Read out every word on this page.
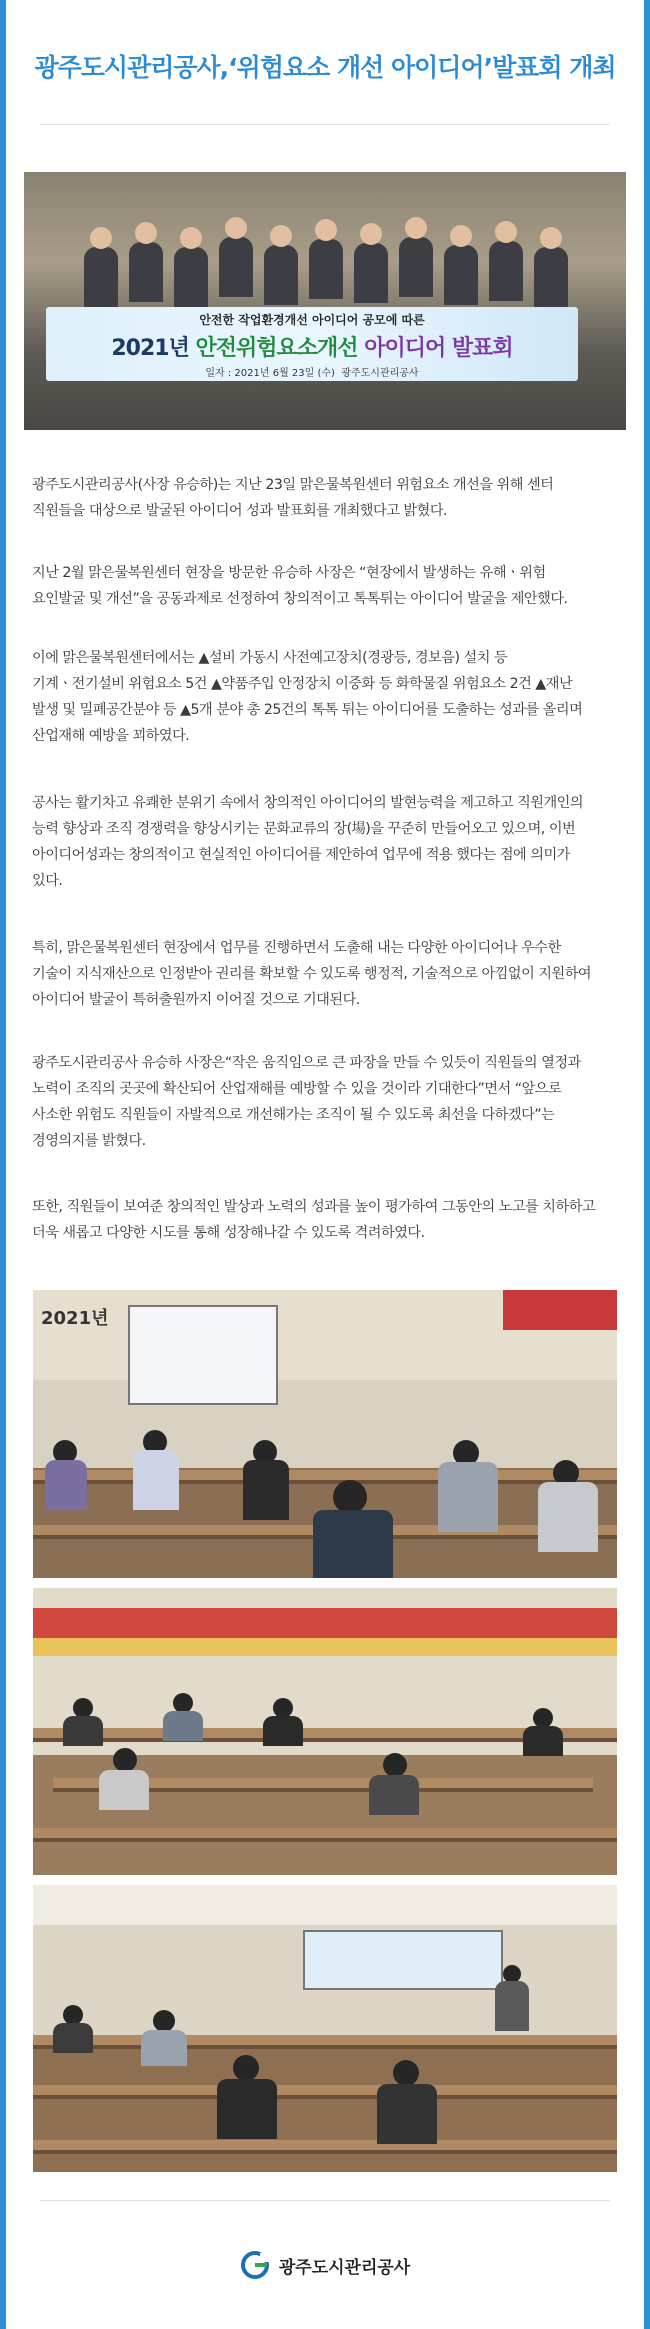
광주도시관리공사,‘위험요소 개선 아이디어’발표회 개최
안전한 작업환경개선 아이디어 공모에 따른
2021년 안전위험요소개선 아이디어 발표회
일자 : 2021년 6월 23일 (수) 광주도시관리공사

광주도시관리공사(사장 유승하)는 지난 23일 맑은물복원센터 위험요소 개선을 위해 센터 직원들을 대상으로 발굴된 아이디어 성과 발표회를 개최했다고 밝혔다.

지난 2월 맑은물복원센터 현장을 방문한 유승하 사장은 “현장에서 발생하는 유해ㆍ위험 요인발굴 및 개선”을 공동과제로 선정하여 창의적이고 톡톡튀는 아이디어 발굴을 제안했다.

이에 맑은물복원센터에서는 ▲설비 가동시 사전예고장치(경광등, 경보음) 설치 등 기계ㆍ전기설비 위험요소 5건 ▲약품주입 안정장치 이중화 등 화학물질 위험요소 2건 ▲재난 발생 및 밀폐공간분야 등 ▲5개 분야 총 25건의 톡톡 튀는 아이디어를 도출하는 성과를 올리며 산업재해 예방을 꾀하였다.

공사는 활기차고 유쾌한 분위기 속에서 창의적인 아이디어의 발현능력을 제고하고 직원개인의 능력 향상과 조직 경쟁력을 향상시키는 문화교류의 장(場)을 꾸준히 만들어오고 있으며, 이번 아이디어성과는 창의적이고 현실적인 아이디어를 제안하여 업무에 적용 했다는 점에 의미가 있다.

특히, 맑은물복원센터 현장에서 업무를 진행하면서 도출해 내는 다양한 아이디어나 우수한 기술이 지식재산으로 인정받아 권리를 확보할 수 있도록 행정적, 기술적으로 아낌없이 지원하여 아이디어 발굴이 특허출원까지 이어질 것으로 기대된다.

광주도시관리공사 유승하 사장은“작은 움직임으로 큰 파장을 만들 수 있듯이 직원들의 열정과 노력이 조직의 곳곳에 확산되어 산업재해를 예방할 수 있을 것이라 기대한다”면서 “앞으로 사소한 위험도 직원들이 자발적으로 개선해가는 조직이 될 수 있도록 최선을 다하겠다”는 경영의지를 밝혔다.

또한, 직원들이 보여준 창의적인 발상과 노력의 성과를 높이 평가하여 그동안의 노고를 치하하고 더욱 새롭고 다양한 시도를 통해 성장해나갈 수 있도록 격려하였다.

2021년
광주도시관리공사
